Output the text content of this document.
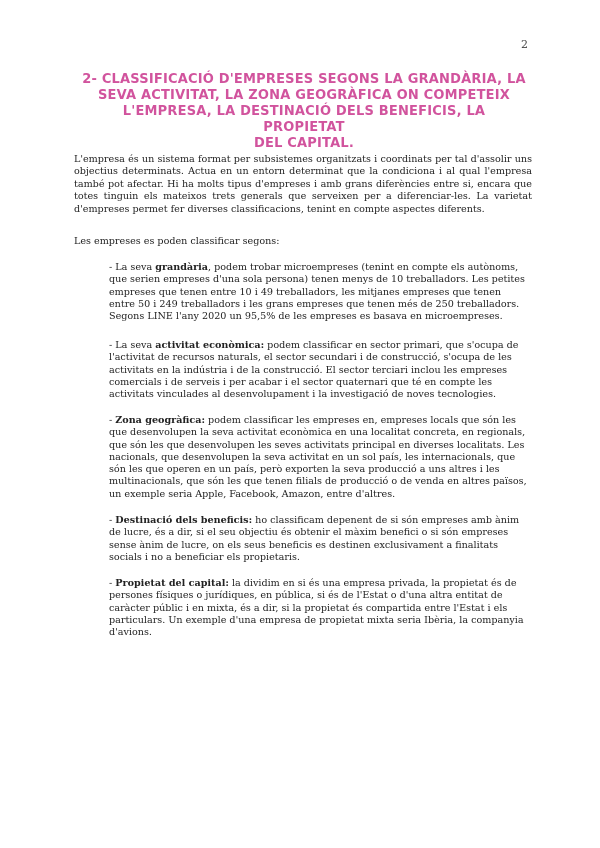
2
2- CLASSIFICACIÓ D'EMPRESES SEGONS LA GRANDÀRIA, LA
SEVA ACTIVITAT, LA ZONA GEOGRÀFICA ON COMPETEIX
L'EMPRESA, LA DESTINACIÓ DELS BENEFICIS, LA PROPIETAT
DEL CAPITAL.

L'empresa és un sistema format per subsistemes organitzats i coordinats per tal d'assolir uns objectius determinats. Actua en un entorn determinat que la condiciona i al qual l'empresa també pot afectar. Hi ha molts tipus d'empreses i amb grans diferències entre si, encara que totes tinguin els mateixos trets generals que serveixen per a diferenciar-les. La varietat d'empreses permet fer diverses classificacions, tenint en compte aspectes diferents.

Les empreses es poden classificar segons:

- La seva grandària, podem trobar microempreses (tenint en compte els autònoms, que serien empreses d'una sola persona) tenen menys de 10 treballadors. Les petites empreses que tenen entre 10 i 49 treballadors, les mitjanes empreses que tenen entre 50 i 249 treballadors i les grans empreses que tenen més de 250 treballadors. Segons LINE l'any 2020 un 95,5% de les empreses es basava en microempreses.

- La seva activitat econòmica: podem classificar en sector primari, que s'ocupa de l'activitat de recursos naturals, el sector secundari i de construcció, s'ocupa de les activitats en la indústria i de la construcció. El sector terciari inclou les empreses comercials i de serveis i per acabar i el sector quaternari que té en compte les activitats vinculades al desenvolupament i la investigació de noves tecnologies.

- Zona geogràfica: podem classificar les empreses en, empreses locals que són les que desenvolupen la seva activitat econòmica en una localitat concreta, en regionals, que són les que desenvolupen les seves activitats principal en diverses localitats. Les nacionals, que desenvolupen la seva activitat en un sol país, les internacionals, que són les que operen en un país, però exporten la seva producció a uns altres i les multinacionals, que són les que tenen filials de producció o de venda en altres països, un exemple seria Apple, Facebook, Amazon, entre d'altres.

- Destinació dels beneficis: ho classificam depenent de si són empreses amb ànim de lucre, és a dir, si el seu objectiu és obtenir el màxim benefici o si són empreses sense ànim de lucre, on els seus beneficis es destinen exclusivament a finalitats socials i no a beneficiar els propietaris.

- Propietat del capital: la dividim en si és una empresa privada, la propietat és de persones físiques o jurídiques, en pública, si és de l'Estat o d'una altra entitat de caràcter públic i en mixta, és a dir, si la propietat és compartida entre l'Estat i els particulars. Un exemple d'una empresa de propietat mixta seria Ibèria, la companyia d'avions.
